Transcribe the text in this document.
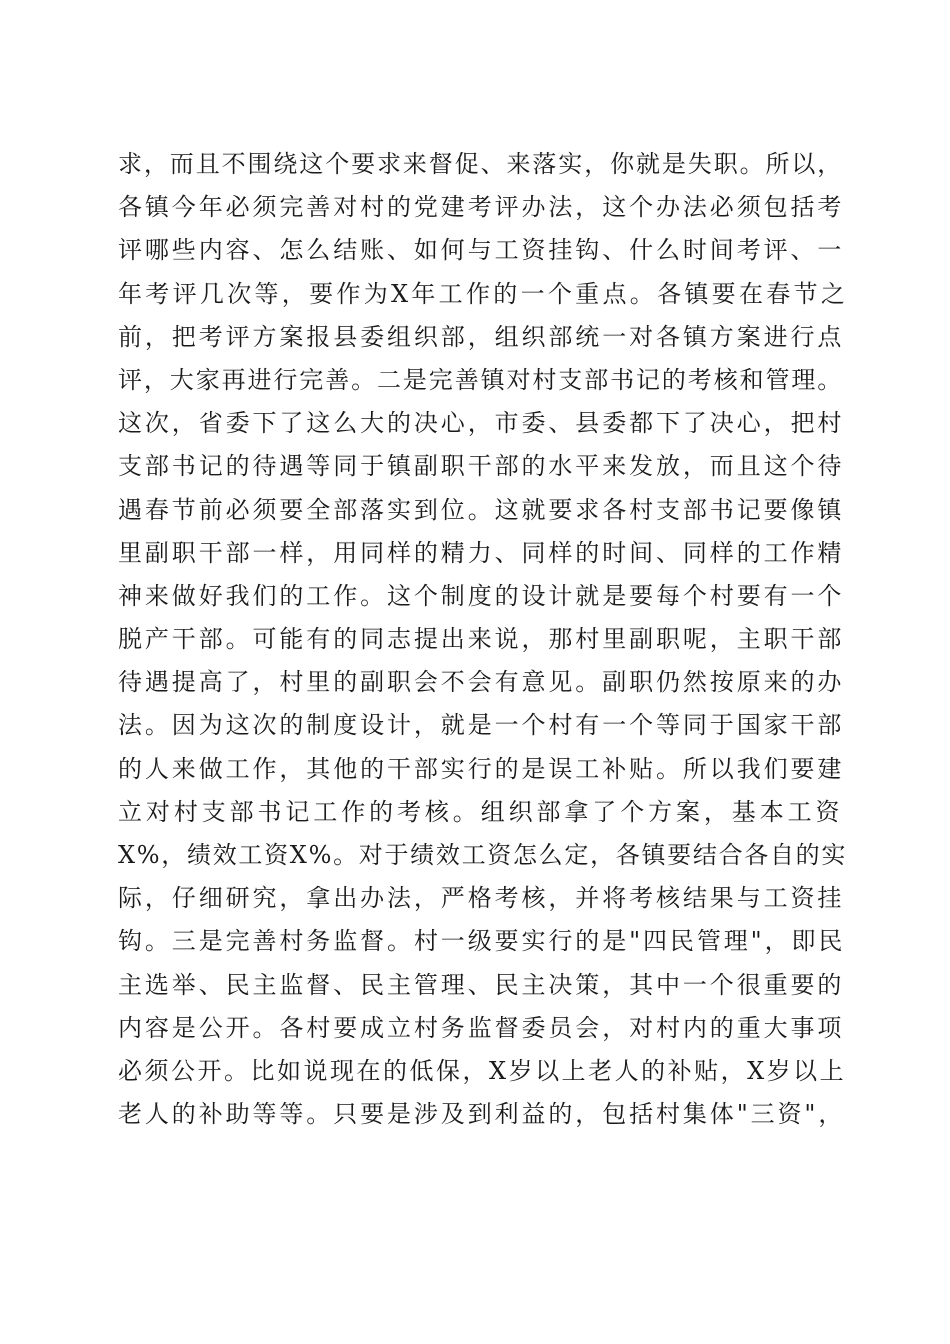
求，而且不围绕这个要求来督促、来落实，你就是失职。所以，
各镇今年必须完善对村的党建考评办法，这个办法必须包括考
评哪些内容、怎么结账、如何与工资挂钩、什么时间考评、一
年考评几次等，要作为X年工作的一个重点。各镇要在春节之
前，把考评方案报县委组织部，组织部统一对各镇方案进行点
评，大家再进行完善。二是完善镇对村支部书记的考核和管理。
这次，省委下了这么大的决心，市委、县委都下了决心，把村
支部书记的待遇等同于镇副职干部的水平来发放，而且这个待
遇春节前必须要全部落实到位。这就要求各村支部书记要像镇
里副职干部一样，用同样的精力、同样的时间、同样的工作精
神来做好我们的工作。这个制度的设计就是要每个村要有一个
脱产干部。可能有的同志提出来说，那村里副职呢，主职干部
待遇提高了，村里的副职会不会有意见。副职仍然按原来的办
法。因为这次的制度设计，就是一个村有一个等同于国家干部
的人来做工作，其他的干部实行的是误工补贴。所以我们要建
立对村支部书记工作的考核。组织部拿了个方案，基本工资
X%，绩效工资X%。对于绩效工资怎么定，各镇要结合各自的实
际，仔细研究，拿出办法，严格考核，并将考核结果与工资挂
钩。三是完善村务监督。村一级要实行的是"四民管理"，即民
主选举、民主监督、民主管理、民主决策，其中一个很重要的
内容是公开。各村要成立村务监督委员会，对村内的重大事项
必须公开。比如说现在的低保，X岁以上老人的补贴，X岁以上
老人的补助等等。只要是涉及到利益的，包括村集体"三资"，
